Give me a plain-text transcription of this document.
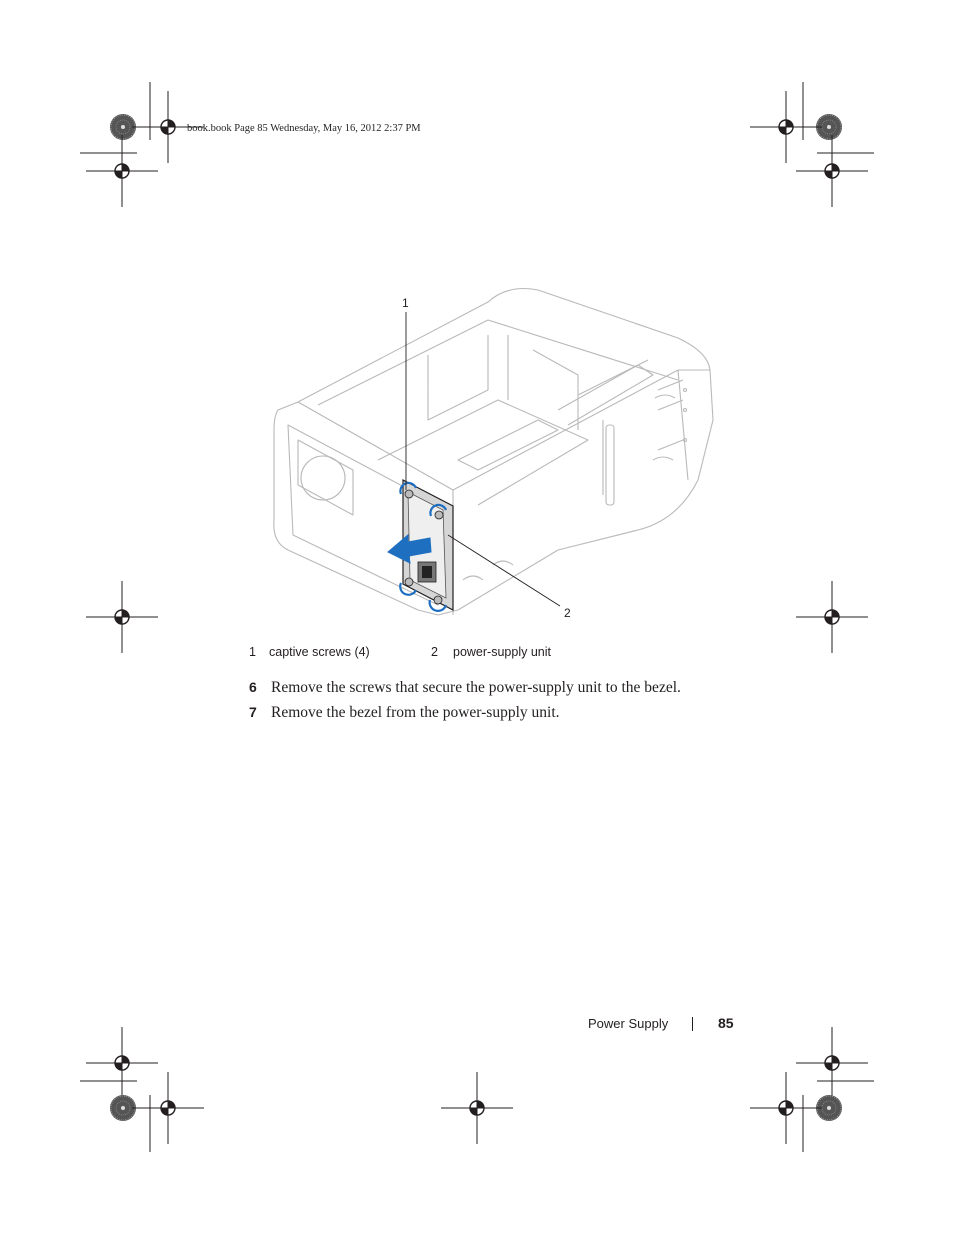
book.book Page 85 Wednesday, May 16, 2012 2:37 PM
1
2
1 captive screws (4)	2 power-supply unit
6 Remove the screws that secure the power-supply unit to the bezel.
7 Remove the bezel from the power-supply unit.
Power Supply	85
